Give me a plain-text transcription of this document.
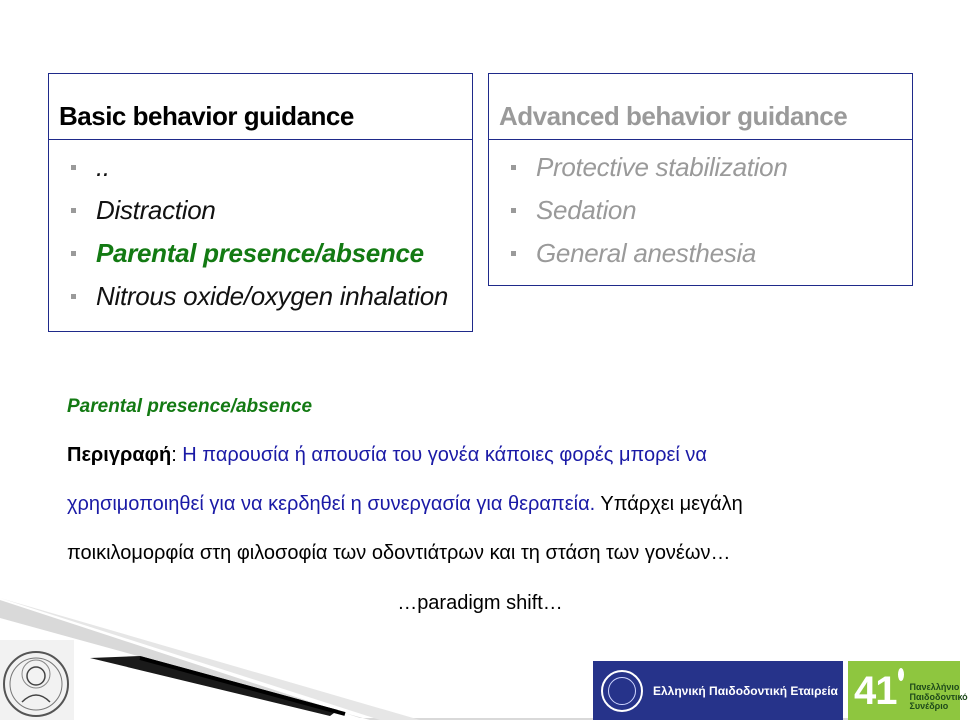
Basic behavior guidance
..
Distraction
Parental presence/absence
Nitrous oxide/oxygen inhalation
Advanced behavior guidance
Protective stabilization
Sedation
General anesthesia
Parental presence/absence
Περιγραφή: Η παρουσία ή απουσία του γονέα κάποιες φορές μπορεί να
χρησιμοποιηθεί για να κερδηθεί η συνεργασία για θεραπεία. Υπάρχει μεγάλη
ποικιλομορφία στη φιλοσοφία των οδοντιάτρων και τη στάση των γονέων…
…paradigm shift…
Ελληνική Παιδοδοντική Εταιρεία 41 Πανελλήνιο
Παιδοδοντικό
Συνέδριο
